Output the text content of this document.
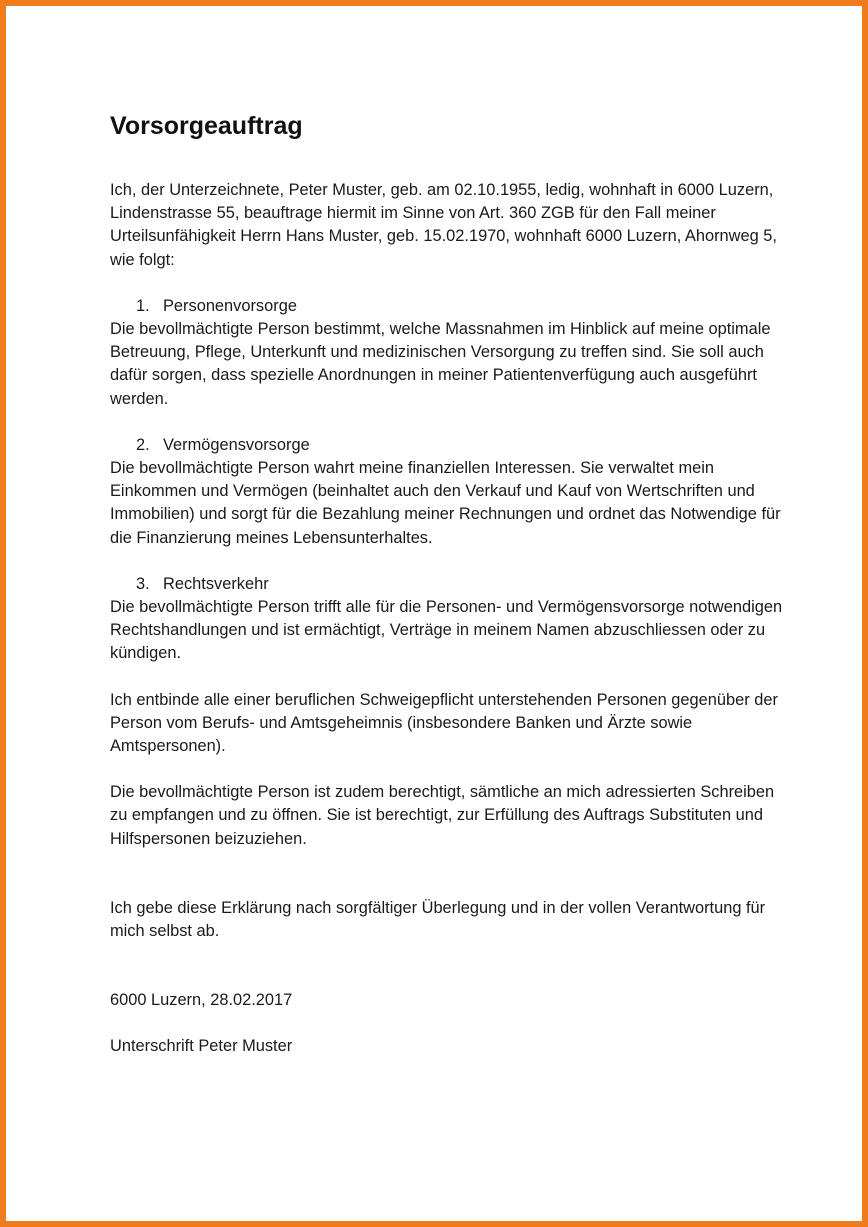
Vorsorgeauftrag

Ich, der Unterzeichnete, Peter Muster, geb. am 02.10.1955, ledig, wohnhaft in 6000 Luzern, Lindenstrasse 55, beauftrage hiermit im Sinne von Art. 360 ZGB für den Fall meiner Urteilsunfähigkeit Herrn Hans Muster, geb. 15.02.1970, wohnhaft 6000 Luzern, Ahornweg 5, wie folgt:

1. Personenvorsorge

Die bevollmächtigte Person bestimmt, welche Massnahmen im Hinblick auf meine optimale Betreuung, Pflege, Unterkunft und medizinischen Versorgung zu treffen sind. Sie soll auch dafür sorgen, dass spezielle Anordnungen in meiner Patientenverfügung auch ausgeführt werden.

2. Vermögensvorsorge

Die bevollmächtigte Person wahrt meine finanziellen Interessen. Sie verwaltet mein Einkommen und Vermögen (beinhaltet auch den Verkauf und Kauf von Wertschriften und Immobilien) und sorgt für die Bezahlung meiner Rechnungen und ordnet das Notwendige für die Finanzierung meines Lebensunterhaltes.

3. Rechtsverkehr

Die bevollmächtigte Person trifft alle für die Personen- und Vermögensvorsorge notwendigen Rechtshandlungen und ist ermächtigt, Verträge in meinem Namen abzuschliessen oder zu kündigen.

Ich entbinde alle einer beruflichen Schweigepflicht unterstehenden Personen gegenüber der Person vom Berufs- und Amtsgeheimnis (insbesondere Banken und Ärzte sowie Amtspersonen).

Die bevollmächtigte Person ist zudem berechtigt, sämtliche an mich adressierten Schreiben zu empfangen und zu öffnen. Sie ist berechtigt, zur Erfüllung des Auftrags Substituten und Hilfspersonen beizuziehen.

Ich gebe diese Erklärung nach sorgfältiger Überlegung und in der vollen Verantwortung für mich selbst ab.

6000 Luzern, 28.02.2017

Unterschrift Peter Muster
